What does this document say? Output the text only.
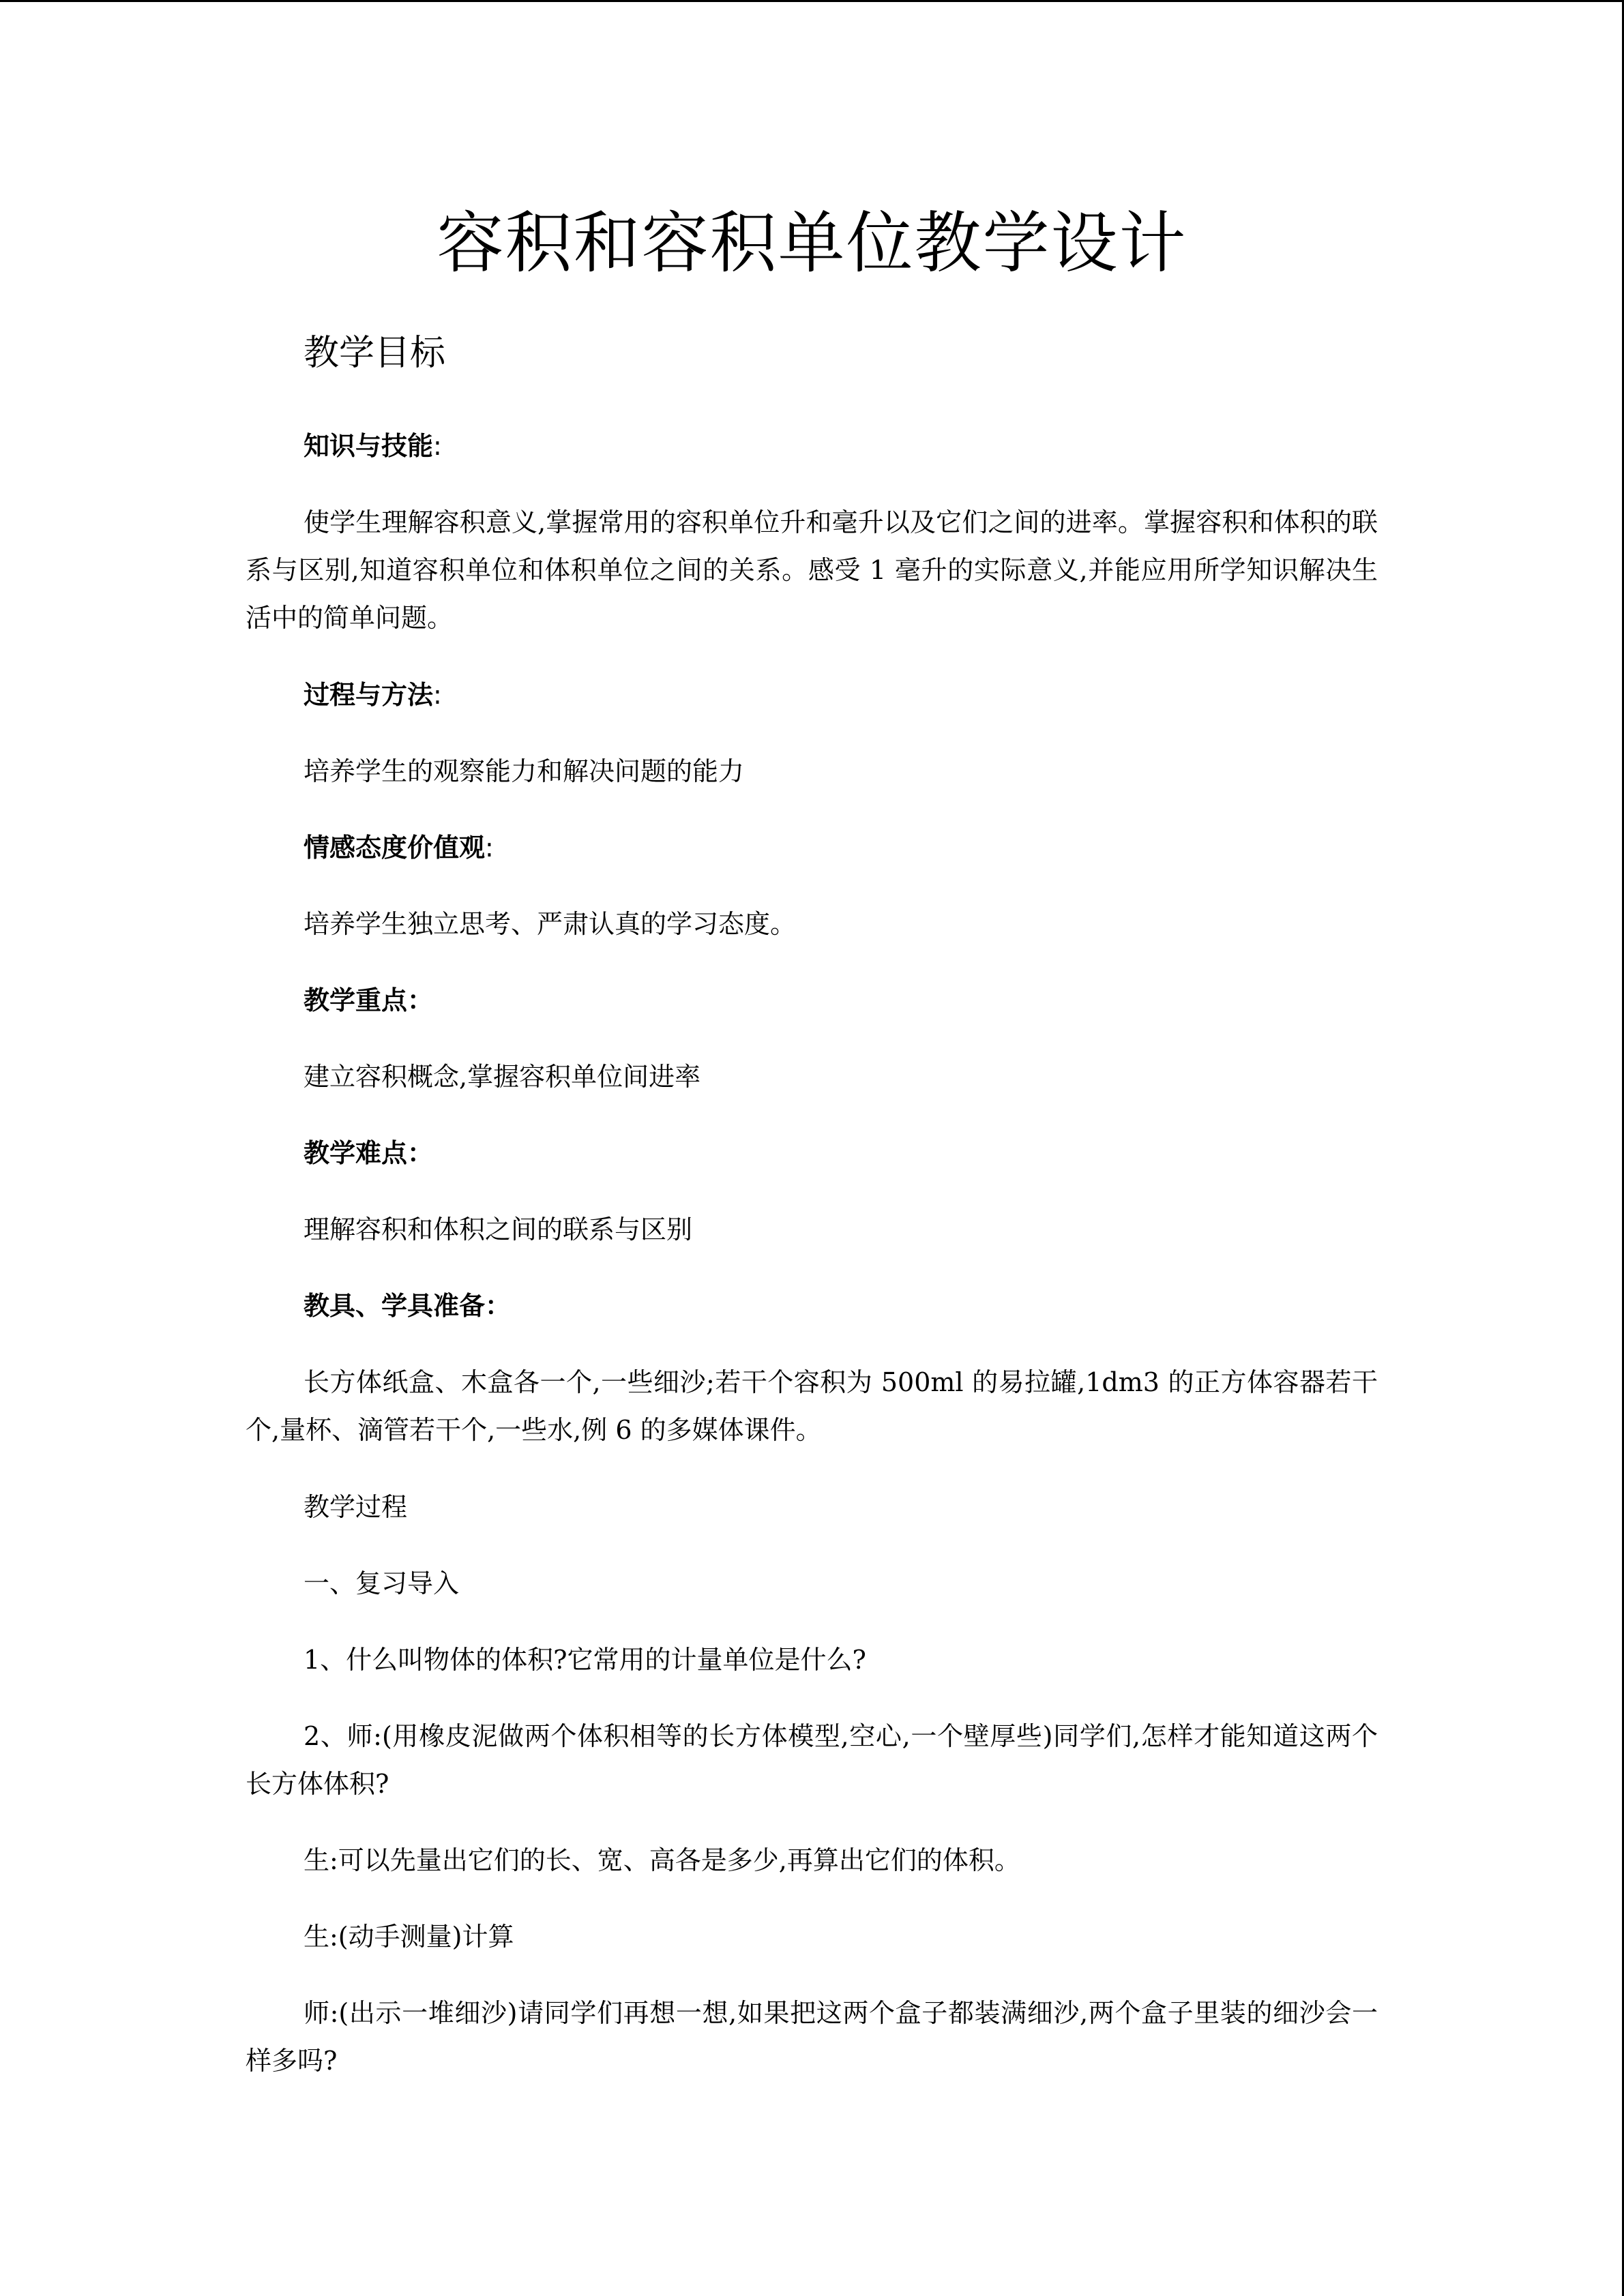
容积和容积单位教学设计
教学目标
知识与技能:

使学生理解容积意义,掌握常用的容积单位升和毫升以及它们之间的进率。掌握容积和体积的联系与区别,知道容积单位和体积单位之间的关系。感受 1 毫升的实际意义,并能应用所学知识解决生活中的简单问题。

过程与方法:

培养学生的观察能力和解决问题的能力

情感态度价值观:

培养学生独立思考、严肃认真的学习态度。

教学重点：

建立容积概念,掌握容积单位间进率

教学难点：

理解容积和体积之间的联系与区别

教具、学具准备：

长方体纸盒、木盒各一个,一些细沙;若干个容积为 500ml 的易拉罐,1dm3 的正方体容器若干个,量杯、滴管若干个,一些水,例 6 的多媒体课件。

教学过程

一、复习导入

1、什么叫物体的体积?它常用的计量单位是什么?

2、师:(用橡皮泥做两个体积相等的长方体模型,空心,一个壁厚些)同学们,怎样才能知道这两个长方体体积?

生:可以先量出它们的长、宽、高各是多少,再算出它们的体积。

生:(动手测量)计算

师:(出示一堆细沙)请同学们再想一想,如果把这两个盒子都装满细沙,两个盒子里装的细沙会一样多吗?
